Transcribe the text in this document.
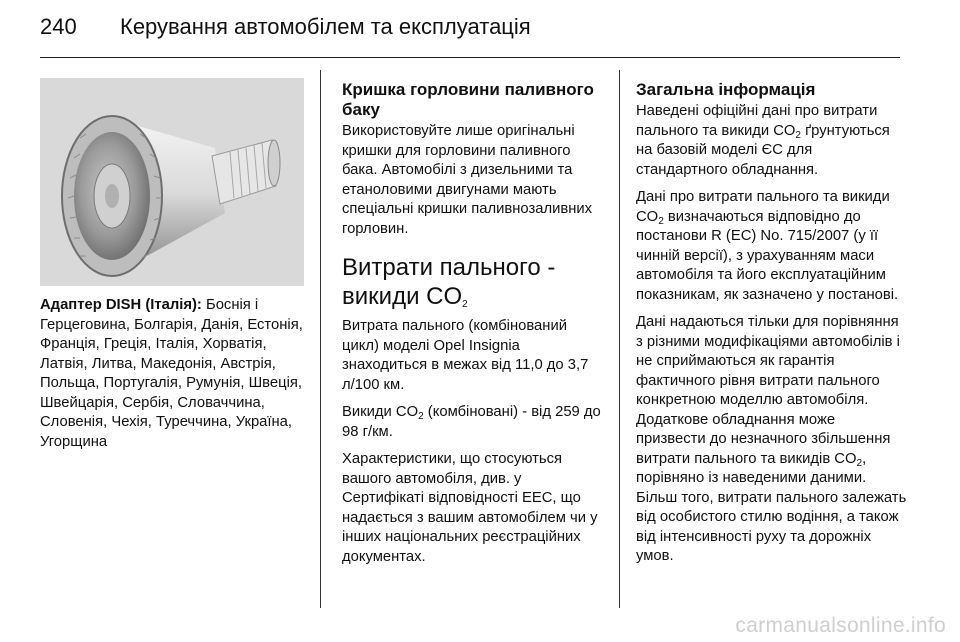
240 Керування автомобілем та експлуатація

Адаптер DISH (Італія): Боснія і Герцеговина, Болгарія, Данія, Естонія, Франція, Греція, Італія, Хорватія, Латвія, Литва, Македонія, Австрія, Польща, Португалія, Румунія, Швеція, Швейцарія, Сербія, Словаччина, Словенія, Чехія, Туреччина, Україна, Угорщина

Кришка горловини паливного баку

Використовуйте лише оригінальні кришки для горловини паливного бака. Автомобілі з дизельними та етаноловими двигунами мають спеціальні кришки паливнозаливних горловин.

Витрати пального - викиди $CO_2$

Витрата пального (комбінований цикл) моделі Opel Insignia знаходиться в межах від 11,0 до 3,7 л/100 км.

Викиди $CO_2$ (комбіновані) - від 259 до 98 г/км.

Характеристики, що стосуються вашого автомобіля, див. у Сертифікаті відповідності ЕЕС, що надається з вашим автомобілем чи у інших національних реєстраційних документах.

Загальна інформація

Наведені офіційні дані про витрати пального та викиди $CO_2$ ґрунтуються на базовій моделі ЄС для стандартного обладнання.

Дані про витрати пального та викиди $CO_2$ визначаються відповідно до постанови R (EC) No. 715/2007 (у її чинній версії), з урахуванням маси автомобіля та його експлуатаційним показникам, як зазначено у постанові.

Дані надаються тільки для порівняння з різними модифікаціями автомобілів і не сприймаються як гарантія фактичного рівня витрати пального конкретною моделлю автомобіля. Додаткове обладнання може призвести до незначного збільшення витрати пального та викидів $CO_2$, порівняно із наведеними даними. Більш того, витрати пального залежать від особистого стилю водіння, а також від інтенсивності руху та дорожніх умов.

carmanualsonline.info
